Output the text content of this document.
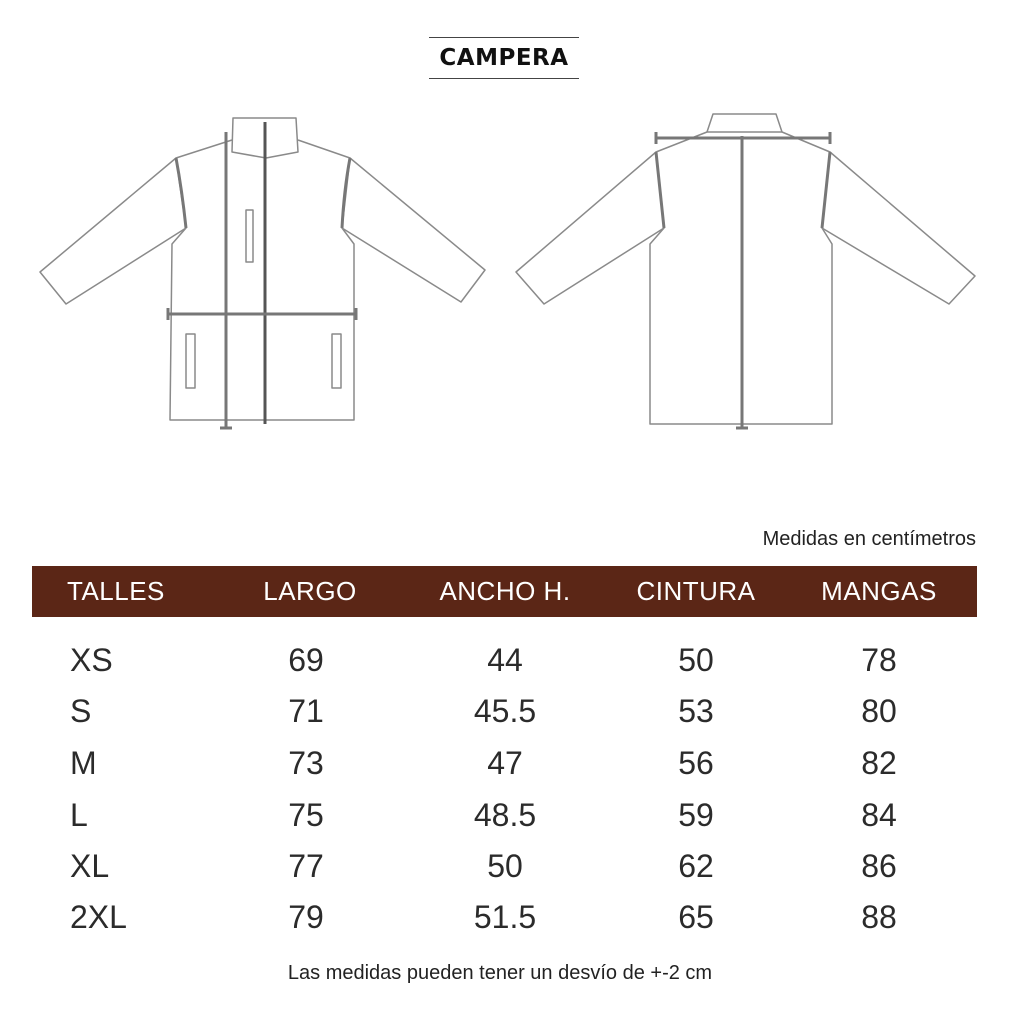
CAMPERA
Medidas en centímetros
TALLES	LARGO	ANCHO H.	CINTURA	MANGAS
XS	69	44	50	78
S	71	45.5	53	80
M	73	47	56	82
L	75	48.5	59	84
XL	77	50	62	86
2XL	79	51.5	65	88
Las medidas pueden tener un desvío de +-2 cm
